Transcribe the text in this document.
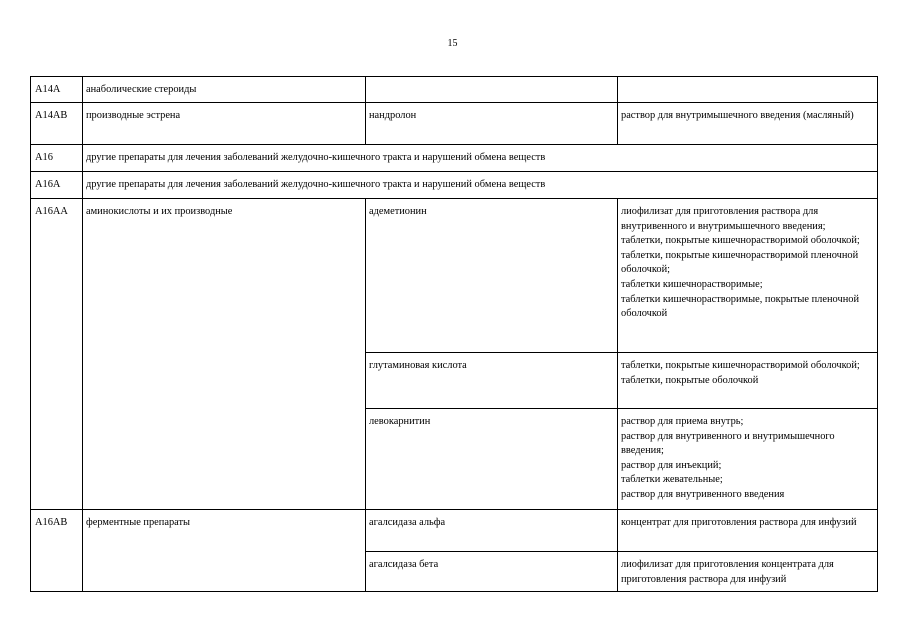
15
A14A	анаболические стероиды		
A14AB	производные эстрена	нандролон	раствор для внутримышечного введения (масляный)
A16	другие препараты для лечения заболеваний желудочно-кишечного тракта и нарушений обмена веществ		
A16A	другие препараты для лечения заболеваний желудочно-кишечного тракта и нарушений обмена веществ		
A16AA	аминокислоты и их производные	адеметионин	лиофилизат для приготовления раствора для внутривенного и внутримышечного введения;
таблетки, покрытые кишечнорастворимой оболочкой;
таблетки, покрытые кишечнорастворимой пленочной оболочкой;
таблетки кишечнорастворимые;
таблетки кишечнорастворимые, покрытые пленочной оболочкой

		глутаминовая кислота	таблетки, покрытые кишечнорастворимой оболочкой;
таблетки, покрытые оболочкой

		левокарнитин	раствор для приема внутрь;
раствор для внутривенного и внутримышечного введения;
раствор для инъекций;
таблетки жевательные;
раствор для внутривенного введения

A16AB	ферментные препараты	агалсидаза альфа	концентрат для приготовления раствора для инфузий

		агалсидаза бета	лиофилизат для приготовления концентрата для приготовления раствора для инфузий
